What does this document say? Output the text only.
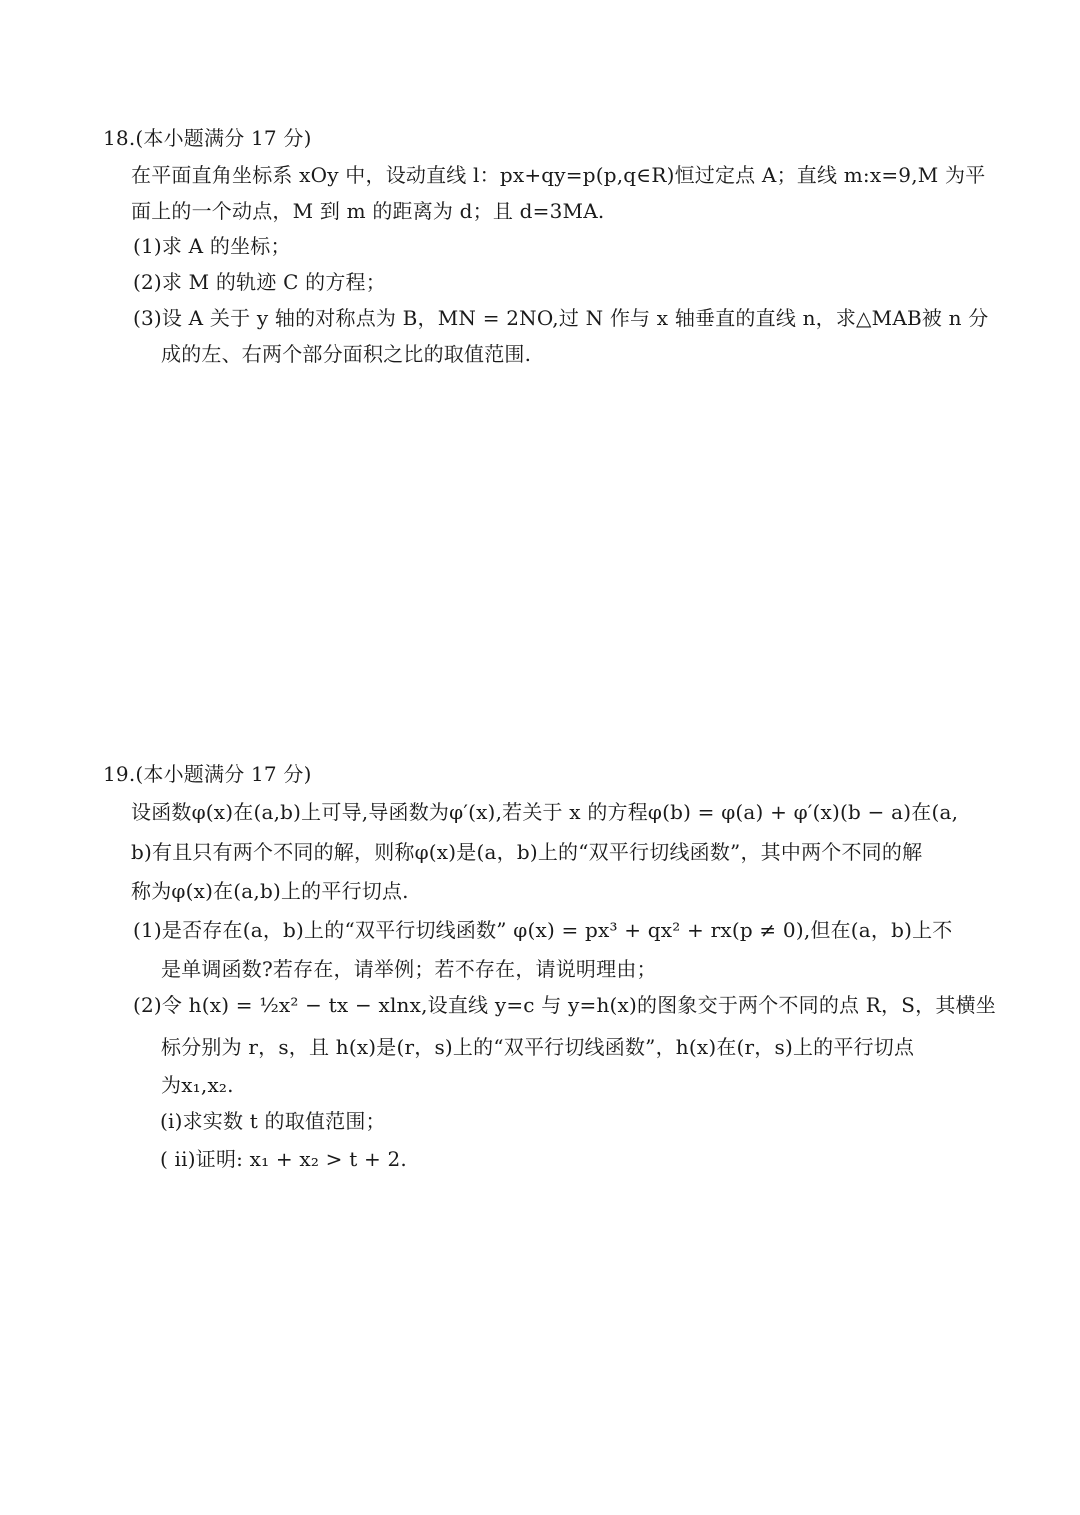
18.(本小题满分 17 分)
在平面直角坐标系 xOy 中，设动直线 l：px+qy=p(p,q∈R)恒过定点 A；直线 m:x=9,M 为平
面上的一个动点，M 到 m 的距离为 d；且 d=3MA.
(1)求 A 的坐标；
(2)求 M 的轨迹 C 的方程；
(3)设 A 关于 y 轴的对称点为 B，MN = 2NO,过 N 作与 x 轴垂直的直线 n，求△MAB被 n 分
成的左、右两个部分面积之比的取值范围.
19.(本小题满分 17 分)
设函数φ(x)在(a,b)上可导,导函数为φ′(x),若关于 x 的方程φ(b) = φ(a) + φ′(x)(b − a)在(a,
b)有且只有两个不同的解，则称φ(x)是(a，b)上的“双平行切线函数”，其中两个不同的解
称为φ(x)在(a,b)上的平行切点.
(1)是否存在(a，b)上的“双平行切线函数” φ(x) = px³ + qx² + rx(p ≠ 0),但在(a，b)上不
是单调函数?若存在，请举例；若不存在，请说明理由；
(2)令 h(x) = ½x² − tx − xlnx,设直线 y=c 与 y=h(x)的图象交于两个不同的点 R，S，其横坐
标分别为 r，s，且 h(x)是(r，s)上的“双平行切线函数”，h(x)在(r，s)上的平行切点
为x₁,x₂.
(i)求实数 t 的取值范围；
( ii)证明: x₁ + x₂ > t + 2.
